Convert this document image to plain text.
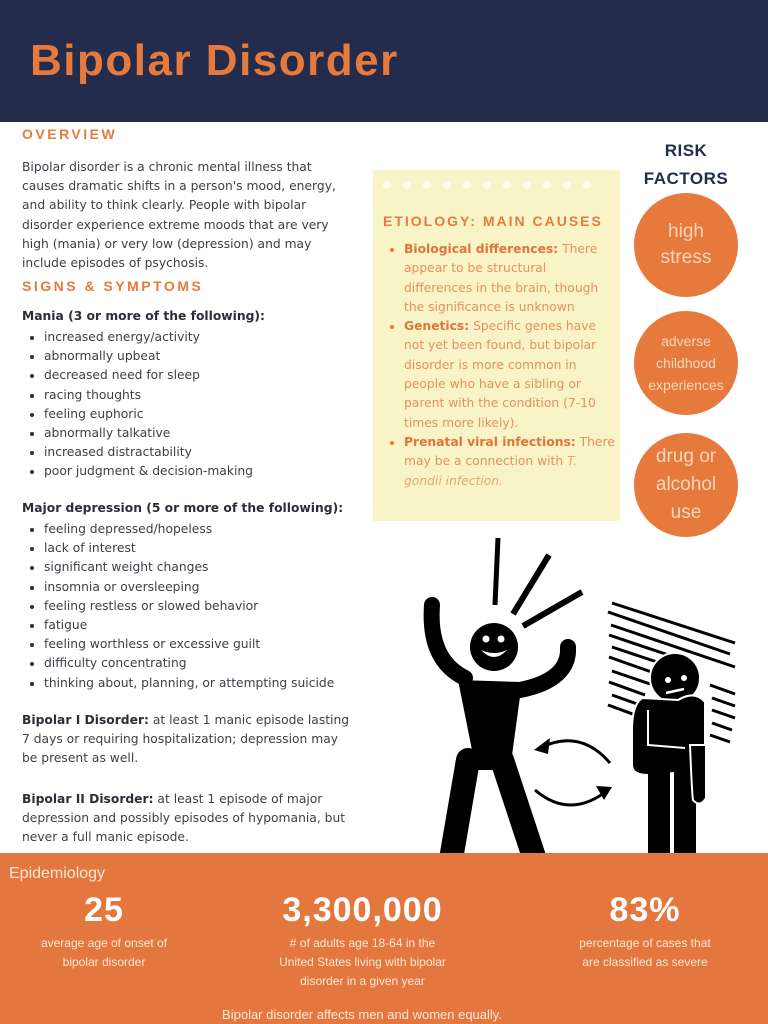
Bipolar Disorder
OVERVIEW

Bipolar disorder is a chronic mental illness that causes dramatic shifts in a person's mood, energy, and ability to think clearly. People with bipolar disorder experience extreme moods that are very high (mania) or very low (depression) and may include episodes of psychosis.

SIGNS & SYMPTOMS
Mania (3 or more of the following):
increased energy/activity
abnormally upbeat
decreased need for sleep
racing thoughts
feeling euphoric
abnormally talkative
increased distractability
poor judgment & decision-making
Major depression (5 or more of the following):
feeling depressed/hopeless
lack of interest
significant weight changes
insomnia or oversleeping
feeling restless or slowed behavior
fatigue
feeling worthless or excessive guilt
difficulty concentrating
thinking about, planning, or attempting suicide

Bipolar I Disorder: at least 1 manic episode lasting 7 days or requiring hospitalization; depression may be present as well.

Bipolar II Disorder: at least 1 episode of major depression and possibly episodes of hypomania, but never a full manic episode.

ETIOLOGY: MAIN CAUSES
Biological differences: There appear to be structural differences in the brain, though the significance is unknown
Genetics: Specific genes have not yet been found, but bipolar disorder is more common in people who have a sibling or parent with the condition (7-10 times more likely).
Prenatal viral infections: There may be a connection with T. gondii infection.
RISK
FACTORS
high
stress
adverse
childhood
experiences
drug or
alcohol
use
Epidemiology
25
average age of onset of
bipolar disorder
3,300,000
# of adults age 18-64 in the
United States living with bipolar
disorder in a given year
83%
percentage of cases that
are classified as severe
Bipolar disorder affects men and women equally.
